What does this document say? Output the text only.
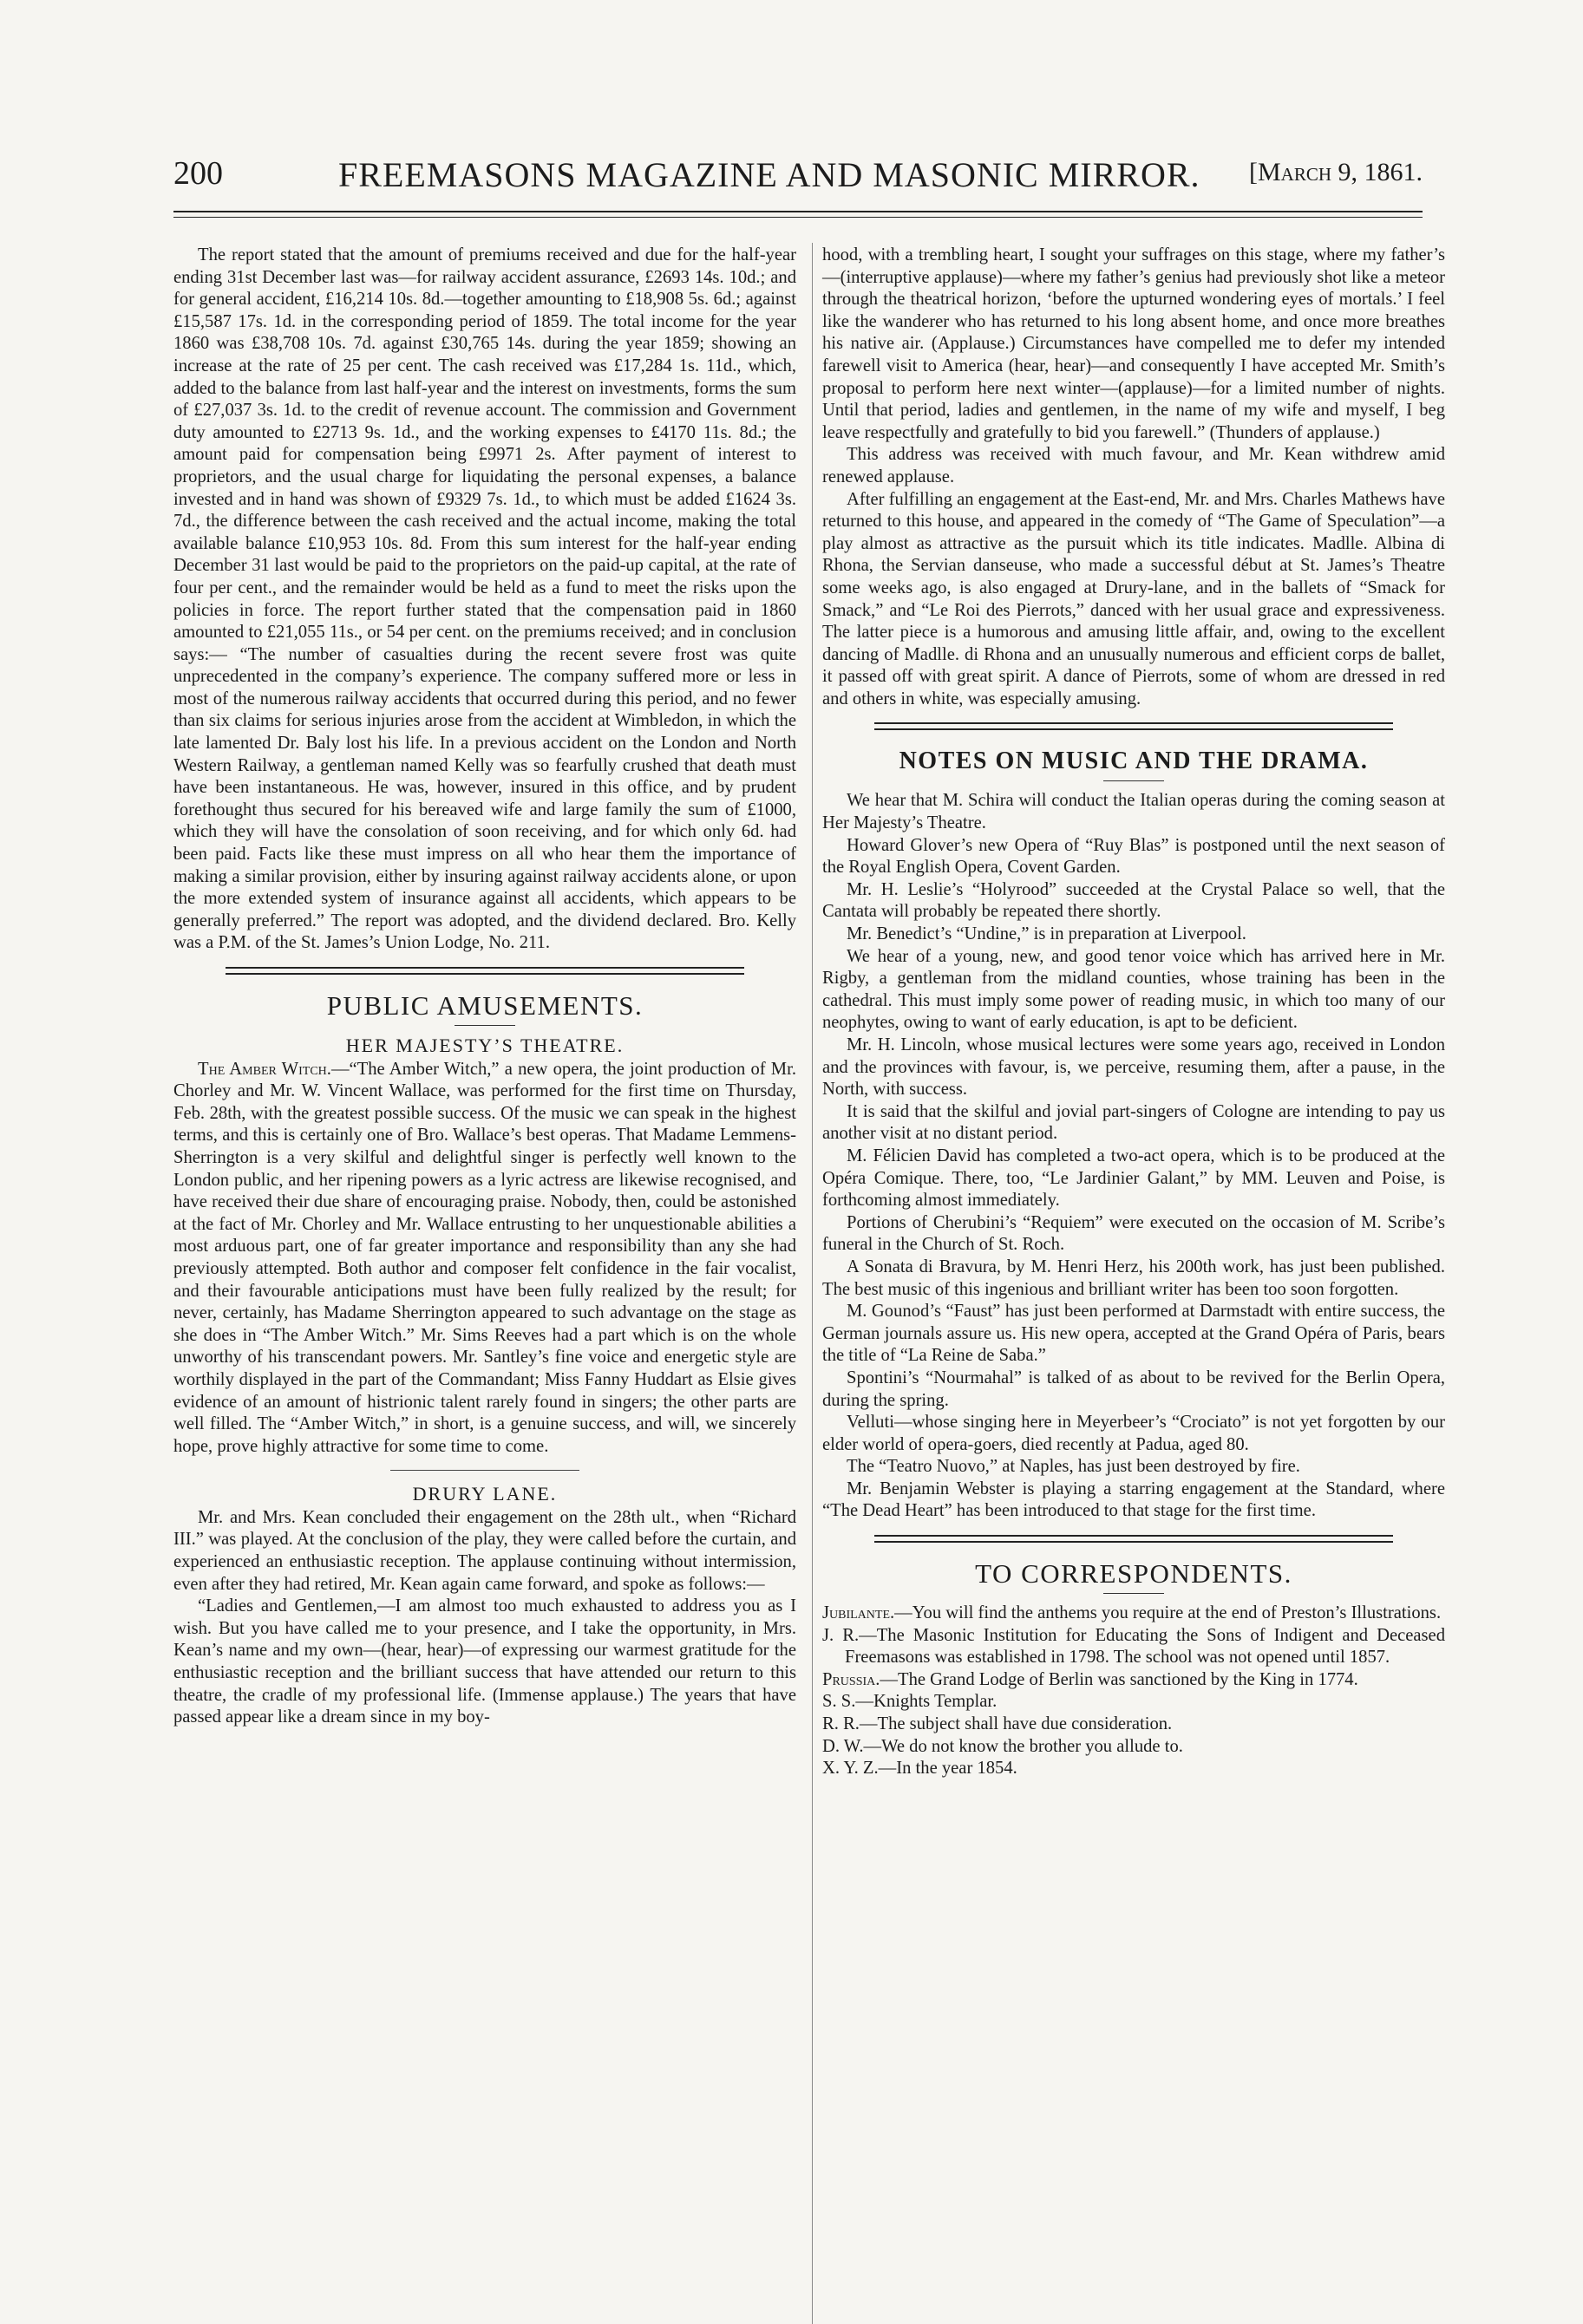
200	FREEMASONS MAGAZINE AND MASONIC MIRROR. [March 9, 1861.

The report stated that the amount of premiums received and due for the half-year ending 31st December last was—for railway accident assurance, £2693 14s. 10d.; and for general accident, £16,214 10s. 8d.—together amounting to £18,908 5s. 6d.; against £15,587 17s. 1d. in the corresponding period of 1859. The total income for the year 1860 was £38,708 10s. 7d. against £30,765 14s. during the year 1859; showing an increase at the rate of 25 per cent. The cash received was £17,284 1s. 11d., which, added to the balance from last half-year and the interest on investments, forms the sum of £27,037 3s. 1d. to the credit of revenue account. The commission and Government duty amounted to £2713 9s. 1d., and the working expenses to £4170 11s. 8d.; the amount paid for compensation being £9971 2s. After payment of interest to proprietors, and the usual charge for liquidating the personal expenses, a balance invested and in hand was shown of £9329 7s. 1d., to which must be added £1624 3s. 7d., the difference between the cash received and the actual income, making the total available balance £10,953 10s. 8d. From this sum interest for the half-year ending December 31 last would be paid to the proprietors on the paid-up capital, at the rate of four per cent., and the remainder would be held as a fund to meet the risks upon the policies in force. The report further stated that the compensation paid in 1860 amounted to £21,055 11s., or 54 per cent. on the premiums received; and in conclusion says:— “The number of casualties during the recent severe frost was quite unprecedented in the company’s experience. The company suffered more or less in most of the numerous railway accidents that occurred during this period, and no fewer than six claims for serious injuries arose from the accident at Wimbledon, in which the late lamented Dr. Baly lost his life. In a previous accident on the London and North Western Railway, a gentleman named Kelly was so fearfully crushed that death must have been instantaneous. He was, however, insured in this office, and by prudent forethought thus secured for his bereaved wife and large family the sum of £1000, which they will have the consolation of soon receiving, and for which only 6d. had been paid. Facts like these must impress on all who hear them the importance of making a similar provision, either by insuring against railway accidents alone, or upon the more extended system of insurance against all accidents, which appears to be generally preferred.” The report was adopted, and the dividend declared. Bro. Kelly was a P.M. of the St. James’s Union Lodge, No. 211.

PUBLIC AMUSEMENTS.
HER MAJESTY’S THEATRE.

The Amber Witch.—“The Amber Witch,” a new opera, the joint production of Mr. Chorley and Mr. W. Vincent Wallace, was performed for the first time on Thursday, Feb. 28th, with the greatest possible success. Of the music we can speak in the highest terms, and this is certainly one of Bro. Wallace’s best operas. That Madame Lemmens-Sherrington is a very skilful and delightful singer is perfectly well known to the London public, and her ripening powers as a lyric actress are likewise recognised, and have received their due share of encouraging praise. Nobody, then, could be astonished at the fact of Mr. Chorley and Mr. Wallace entrusting to her unquestionable abilities a most arduous part, one of far greater importance and responsibility than any she had previously attempted. Both author and composer felt confidence in the fair vocalist, and their favourable anticipations must have been fully realized by the result; for never, certainly, has Madame Sherrington appeared to such advantage on the stage as she does in “The Amber Witch.” Mr. Sims Reeves had a part which is on the whole unworthy of his transcendant powers. Mr. Santley’s fine voice and energetic style are worthily displayed in the part of the Commandant; Miss Fanny Huddart as Elsie gives evidence of an amount of histrionic talent rarely found in singers; the other parts are well filled. The “Amber Witch,” in short, is a genuine success, and will, we sincerely hope, prove highly attractive for some time to come.

DRURY LANE.

Mr. and Mrs. Kean concluded their engagement on the 28th ult., when “Richard III.” was played. At the conclusion of the play, they were called before the curtain, and experienced an enthusiastic reception. The applause continuing without intermission, even after they had retired, Mr. Kean again came forward, and spoke as follows:—

“Ladies and Gentlemen,—I am almost too much exhausted to address you as I wish. But you have called me to your presence, and I take the opportunity, in Mrs. Kean’s name and my own—(hear, hear)—of expressing our warmest gratitude for the enthusiastic reception and the brilliant success that have attended our return to this theatre, the cradle of my professional life. (Immense applause.) The years that have passed appear like a dream since in my boy-

hood, with a trembling heart, I sought your suffrages on this stage, where my father’s—(interruptive applause)—where my father’s genius had previously shot like a meteor through the theatrical horizon, ‘before the upturned wondering eyes of mortals.’ I feel like the wanderer who has returned to his long absent home, and once more breathes his native air. (Applause.) Circumstances have compelled me to defer my intended farewell visit to America (hear, hear)—and consequently I have accepted Mr. Smith’s proposal to perform here next winter—(applause)—for a limited number of nights. Until that period, ladies and gentlemen, in the name of my wife and myself, I beg leave respectfully and gratefully to bid you farewell.” (Thunders of applause.)

This address was received with much favour, and Mr. Kean withdrew amid renewed applause.

After fulfilling an engagement at the East-end, Mr. and Mrs. Charles Mathews have returned to this house, and appeared in the comedy of “The Game of Speculation”—a play almost as attractive as the pursuit which its title indicates. Madlle. Albina di Rhona, the Servian danseuse, who made a successful début at St. James’s Theatre some weeks ago, is also engaged at Drury-lane, and in the ballets of “Smack for Smack,” and “Le Roi des Pierrots,” danced with her usual grace and expressiveness. The latter piece is a humorous and amusing little affair, and, owing to the excellent dancing of Madlle. di Rhona and an unusually numerous and efficient corps de ballet, it passed off with great spirit. A dance of Pierrots, some of whom are dressed in red and others in white, was especially amusing.

NOTES ON MUSIC AND THE DRAMA.

We hear that M. Schira will conduct the Italian operas during the coming season at Her Majesty’s Theatre.

Howard Glover’s new Opera of “Ruy Blas” is postponed until the next season of the Royal English Opera, Covent Garden.

Mr. H. Leslie’s “Holyrood” succeeded at the Crystal Palace so well, that the Cantata will probably be repeated there shortly.

Mr. Benedict’s “Undine,” is in preparation at Liverpool.

We hear of a young, new, and good tenor voice which has arrived here in Mr. Rigby, a gentleman from the midland counties, whose training has been in the cathedral. This must imply some power of reading music, in which too many of our neophytes, owing to want of early education, is apt to be deficient.

Mr. H. Lincoln, whose musical lectures were some years ago, received in London and the provinces with favour, is, we perceive, resuming them, after a pause, in the North, with success.

It is said that the skilful and jovial part-singers of Cologne are intending to pay us another visit at no distant period.

M. Félicien David has completed a two-act opera, which is to be produced at the Opéra Comique. There, too, “Le Jardinier Galant,” by MM. Leuven and Poise, is forthcoming almost immediately.

Portions of Cherubini’s “Requiem” were executed on the occasion of M. Scribe’s funeral in the Church of St. Roch.

A Sonata di Bravura, by M. Henri Herz, his 200th work, has just been published. The best music of this ingenious and brilliant writer has been too soon forgotten.

M. Gounod’s “Faust” has just been performed at Darmstadt with entire success, the German journals assure us. His new opera, accepted at the Grand Opéra of Paris, bears the title of “La Reine de Saba.”

Spontini’s “Nourmahal” is talked of as about to be revived for the Berlin Opera, during the spring.

Velluti—whose singing here in Meyerbeer’s “Crociato” is not yet forgotten by our elder world of opera-goers, died recently at Padua, aged 80.

The “Teatro Nuovo,” at Naples, has just been destroyed by fire.

Mr. Benjamin Webster is playing a starring engagement at the Standard, where “The Dead Heart” has been introduced to that stage for the first time.

TO CORRESPONDENTS.

Jubilante.—You will find the anthems you require at the end of Preston’s Illustrations.

J. R.—The Masonic Institution for Educating the Sons of Indigent and Deceased Freemasons was established in 1798. The school was not opened until 1857.

Prussia.—The Grand Lodge of Berlin was sanctioned by the King in 1774.

S. S.—Knights Templar.

R. R.—The subject shall have due consideration.

D. W.—We do not know the brother you allude to.

X. Y. Z.—In the year 1854.
